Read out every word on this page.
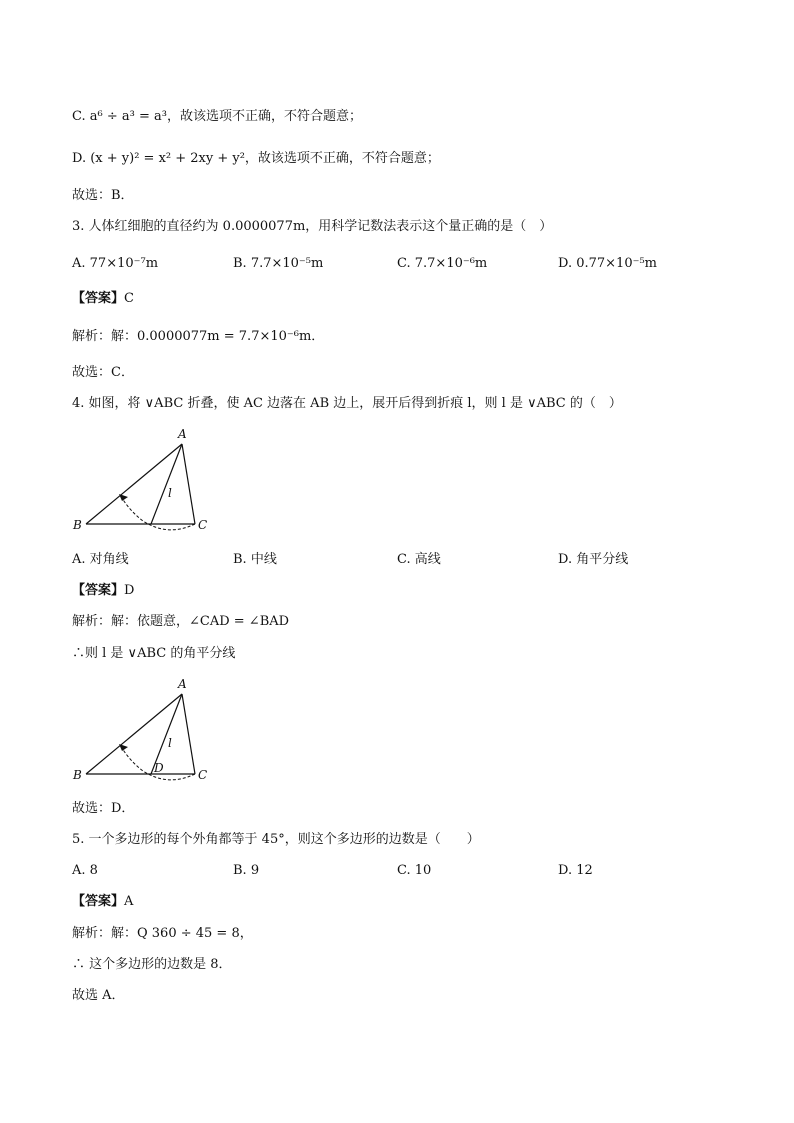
C. a⁶ ÷ a³ = a³，故该选项不正确，不符合题意；
D. (x + y)² = x² + 2xy + y²，故该选项不正确，不符合题意；
故选：B．
3. 人体红细胞的直径约为 0.0000077m，用科学记数法表示这个量正确的是（　）
A. 77×10⁻⁷m	B. 7.7×10⁻⁵m	C. 7.7×10⁻⁶m	D. 0.77×10⁻⁵m
【答案】C
解析：解：0.0000077m = 7.7×10⁻⁶m．
故选：C．
4. 如图，将 ∨ABC 折叠，使 AC 边落在 AB 边上，展开后得到折痕 l，则 l 是 ∨ABC 的（　）
A
B	C
l
A. 对角线	B. 中线	C. 高线	D. 角平分线
【答案】D
解析：解：依题意，∠CAD = ∠BAD
∴则 l 是 ∨ABC 的角平分线
A
B	C
D
l
故选：D．
5. 一个多边形的每个外角都等于 45°，则这个多边形的边数是（　　）
A. 8	B. 9	C. 10	D. 12
【答案】A
解析：解：Q 360 ÷ 45 = 8，
∴ 这个多边形的边数是 8．
故选 A．
